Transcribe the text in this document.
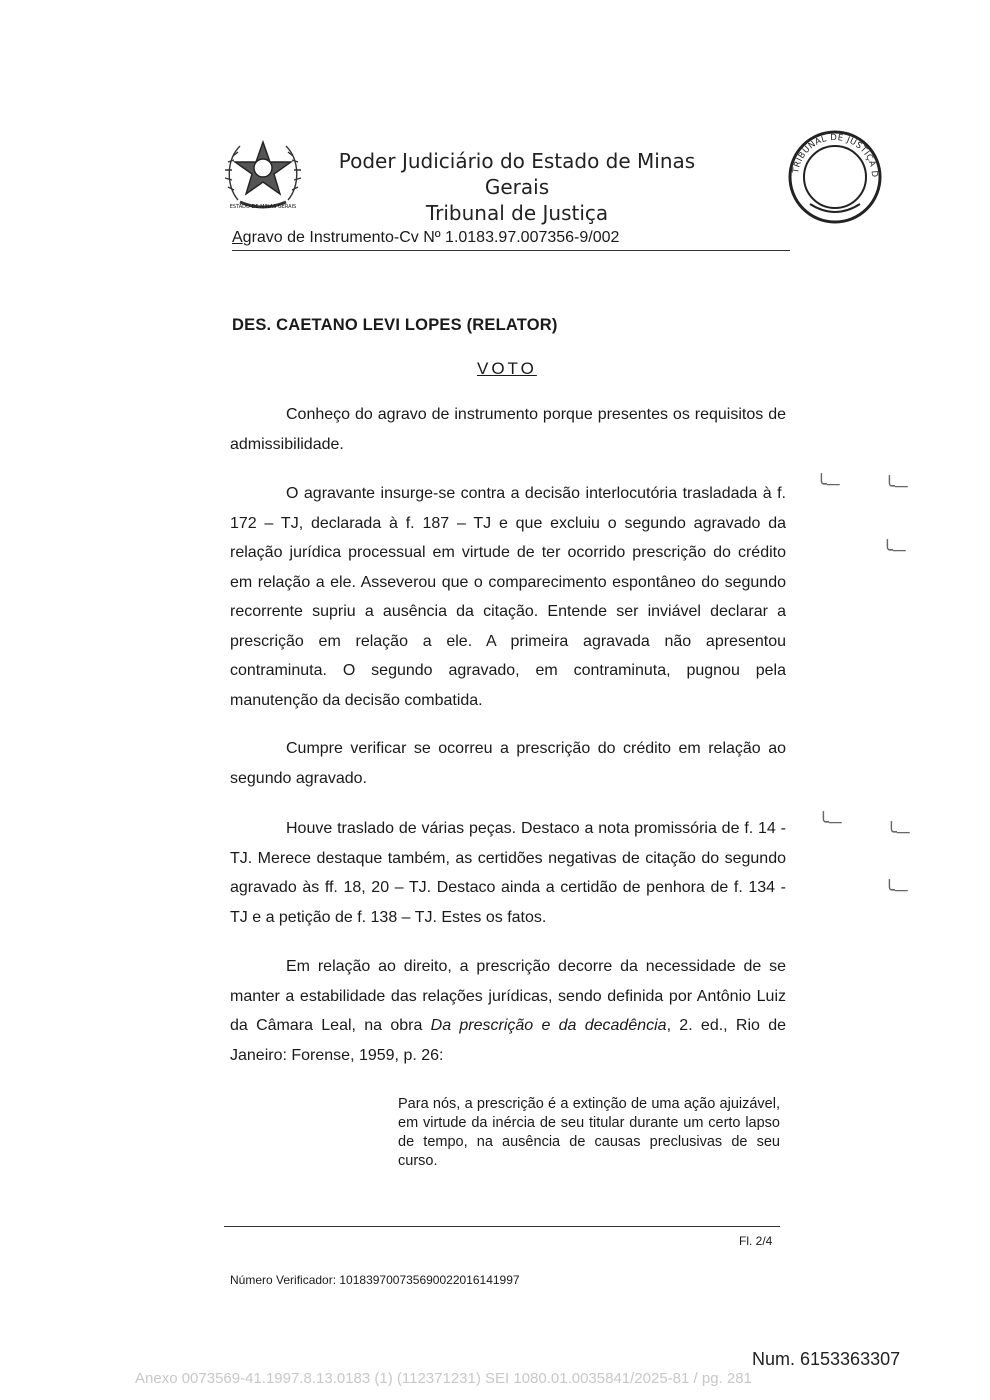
ESTADO DE MINAS GERAIS
Poder Judiciário do Estado de Minas Gerais
Tribunal de Justiça
TRIBUNAL DE JUSTIÇA D
Agravo de Instrumento-Cv Nº 1.0183.97.007356-9/002
DES. CAETANO LEVI LOPES (RELATOR)
VOTO
Conheço do agravo de instrumento porque presentes os requisitos de admissibilidade.
O agravante insurge-se contra a decisão interlocutória trasladada à f. 172 – TJ, declarada à f. 187 – TJ e que excluiu o segundo agravado da relação jurídica processual em virtude de ter ocorrido prescrição do crédito em relação a ele. Asseverou que o comparecimento espontâneo do segundo recorrente supriu a ausência da citação. Entende ser inviável declarar a prescrição em relação a ele. A primeira agravada não apresentou contraminuta. O segundo agravado, em contraminuta, pugnou pela manutenção da decisão combatida.
Cumpre verificar se ocorreu a prescrição do crédito em relação ao segundo agravado.
Houve traslado de várias peças. Destaco a nota promissória de f. 14 - TJ. Merece destaque também, as certidões negativas de citação do segundo agravado às ff. 18, 20 – TJ. Destaco ainda a certidão de penhora de f. 134 - TJ e a petição de f. 138 – TJ. Estes os fatos.
Em relação ao direito, a prescrição decorre da necessidade de se manter a estabilidade das relações jurídicas, sendo definida por Antônio Luiz da Câmara Leal, na obra Da prescrição e da decadência, 2. ed., Rio de Janeiro: Forense, 1959, p. 26:
Para nós, a prescrição é a extinção de uma ação ajuizável, em virtude da inércia de seu titular durante um certo lapso de tempo, na ausência de causas preclusivas de seu curso.
╰─ ╰─
╰─
╰─ ╰─
╰─
Fl. 2/4
Número Verificador: 1018397007356900220161419​97
Num. 6153363307
Anexo 0073569-41.1997.8.13.0183 (1) (112371231) SEI 1080.01.0035841/2025-81 / pg. 281
